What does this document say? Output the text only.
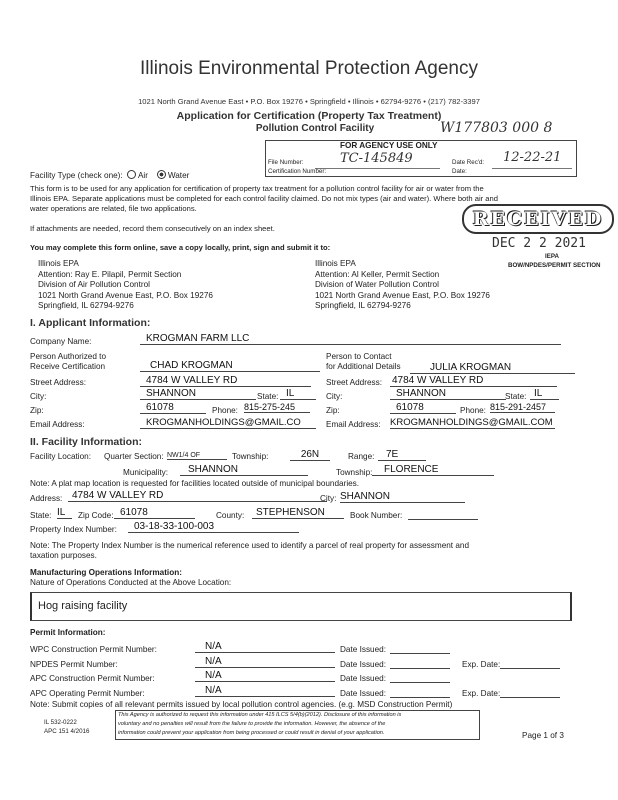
Illinois Environmental Protection Agency
1021 North Grand Avenue East • P.O. Box 19276 • Springfield • Illinois • 62794-9276 • (217) 782-3397
Application for Certification (Property Tax Treatment)
Pollution Control Facility	W177803 000 8
FOR AGENCY USE ONLY
File Number:	TC-145849	Date Rec'd: 12-22-21
Certification Number:	Date:
Facility Type (check one): Air Water
This form is to be used for any application for certification of property tax treatment for a pollution control facility for air or water from the
Illinois EPA. Separate applications must be completed for each control facility claimed. Do not mix types (air and water). Where both air and
water operations are related, file two applications.
If attachments are needed, record them consecutively on an index sheet.
You may complete this form online, save a copy locally, print, sign and submit it to:
RECEIVED
DEC 2 2 2021
IEPA
BOW/NPDES/PERMIT SECTION
Illinois EPA
Attention: Ray E. Pilapil, Permit Section
Division of Air Pollution Control
1021 North Grand Avenue East, P.O. Box 19276
Springfield, IL 62794-9276
Illinois EPA
Attention: Al Keller, Permit Section
Division of Water Pollution Control
1021 North Grand Avenue East, P.O. Box 19276
Springfield, IL 62794-9276
I. Applicant Information:
Company Name:	KROGMAN FARM LLC
Person Authorized to
Receive Certification	CHAD KROGMAN
Person to Contact
for Additional Details	JULIA KROGMAN
Street Address:	4784 W VALLEY RD	Street Address: 4784 W VALLEY RD
City:	SHANNON	State: IL	City:	SHANNON	State: IL
Zip:	61078	Phone: 815-275-245	Zip:	61078	Phone: 815-291-2457
Email Address:	KROGMANHOLDINGS@GMAIL.CO	Email Address: KROGMANHOLDINGS@GMAIL.COM
II. Facility Information:
Facility Location: Quarter Section: NW1/4 OF	Township:	26N	Range:	7E
Municipality:	SHANNON	Township:	FLORENCE
Note: A plat map location is requested for facilities located outside of municipal boundaries.
Address: 4784 W VALLEY RD	City: SHANNON
State: IL	Zip Code: 61078	County:	STEPHENSON	Book Number:
Property Index Number:	03-18-33-100-003
Note: The Property Index Number is the numerical reference used to identify a parcel of real property for assessment and
taxation purposes.
Manufacturing Operations Information:
Nature of Operations Conducted at the Above Location:
Hog raising facility
Permit Information:
WPC Construction Permit Number:	N/A	Date Issued:
NPDES Permit Number:	N/A	Date Issued:	Exp. Date:
APC Construction Permit Number:	N/A	Date Issued:
APC Operating Permit Number:	N/A	Date Issued:	Exp. Date:
Note: Submit copies of all relevant permits issued by local pollution control agencies. (e.g. MSD Construction Permit)
IL 532-0222
APC 151 4/2016
This Agency is authorized to request this information under 415 ILCS 5/4(b)(2012). Disclosure of this information is
voluntary and no penalties will result from the failure to provide the information. However, the absence of the
information could prevent your application from being processed or could result in denial of your application.	Page 1 of 3
